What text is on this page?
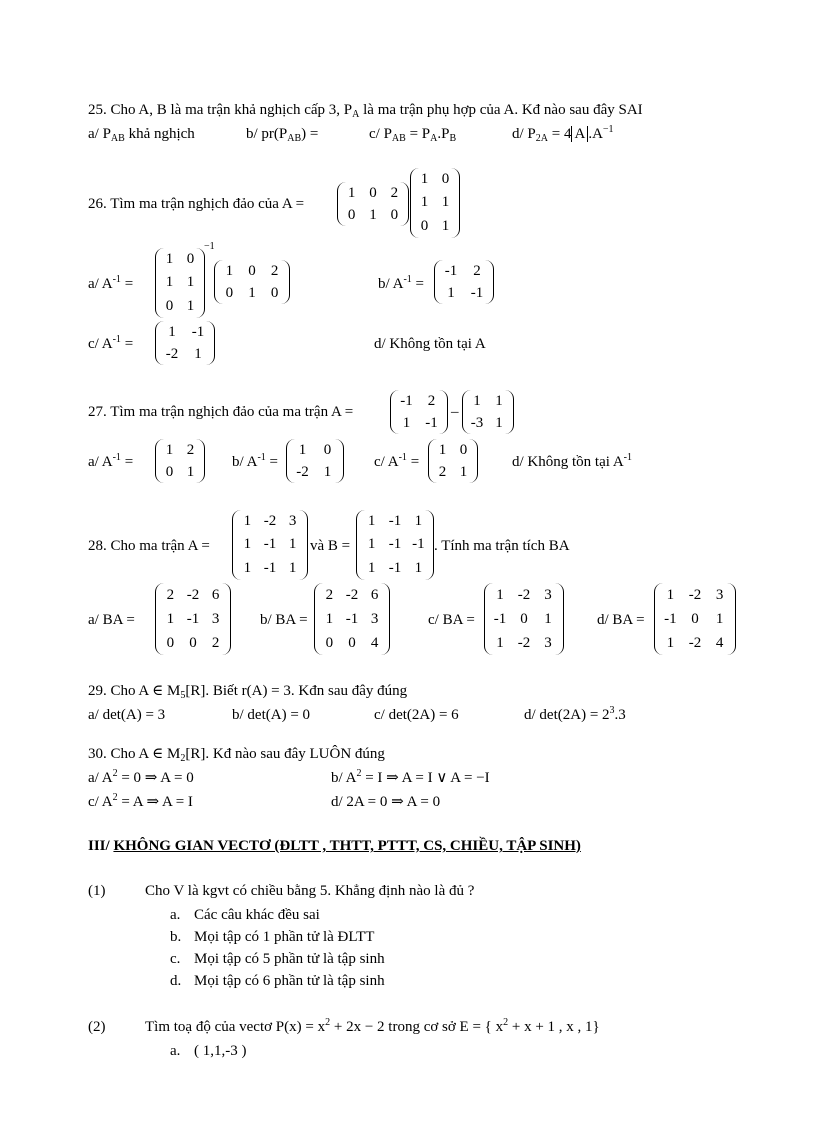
25. Cho A, B là ma trận khả nghịch cấp 3, $P_A$ là ma trận phụ hợp của A. Kđ nào sau đây SAI
a/ $P_{AB}$ khả nghịch	b/ $pr(P_{AB})$ =	c/ $P_{AB} = P_A.P_B$	d/ $P_{2A} = 4$ A $.A^{-1}$
26. Tìm ma trận nghịch đảo của A =
1 0 2
0 1 0
1 0
1 1
0 1
a/ $A^{-1}$ =
1 0
1 1
0 1
−1
1 0 2
0 1 0
b/ $A^{-1}$ =
-1 2
1 -1
c/ $A^{-1}$ =
1 -1
-2 1
d/ Không tồn tại A
27. Tìm ma trận nghịch đảo của ma trận A =
-1 2
1 -1
–
1 1
-3 1
a/ $A^{-1}$ =
1 2
0 1
b/ $A^{-1}$ =
1 0
-2 1
c/ $A^{-1}$ =
1 0
2 1
d/ Không tồn tại $A^{-1}$
28. Cho ma trận A =
1 -2 3
1 -1 1
1 -1 1
và B =
1 -1 1
1 -1 -1
1 -1 1
. Tính ma trận tích BA
a/ BA =
2 -2 6
1 -1 3
0 0 2
b/ BA =
2 -2 6
1 -1 3
0 0 4
c/ BA =
1 -2 3
-1 0 1
1 -2 3
d/ BA =
1 -2 3
-1 0 1
1 -2 4
29. Cho A ∈ $M_5[R]$. Biết r(A) = 3. Kđn sau đây đúng
a/ det(A) = 3	b/ det(A) = 0	c/ det(2A) = 6	d/ $\det(2A) = 2^3.3$
30. Cho A ∈ $M_2[R]$. Kđ nào sau đây LUÔN đúng
a/ $A^2 = 0$ ⇒ A = 0	b/ $A^2 = I$ ⇒ A = I ∨ A = −I
c/ $A^2 = A$ ⇒ A = I	d/ 2A = 0 ⇒ A = 0
III/ KHÔNG GIAN VECTƠ (ĐLTT , THTT, PTTT, CS, CHIỀU, TẬP SINH)
(1)	Cho V là kgvt có chiều bằng 5. Khẳng định nào là đủ ?
a. Các câu khác đều sai
b. Mọi tập có 1 phần tử là ĐLTT
c. Mọi tập có 5 phần tử là tập sinh
d. Mọi tập có 6 phần tử là tập sinh
(2)	Tìm toạ độ của vectơ $P(x) = x^2 + 2x - 2$ trong cơ sở E = { $x^2 + x + 1$ , x , 1}
a. ( 1,1,-3 )
